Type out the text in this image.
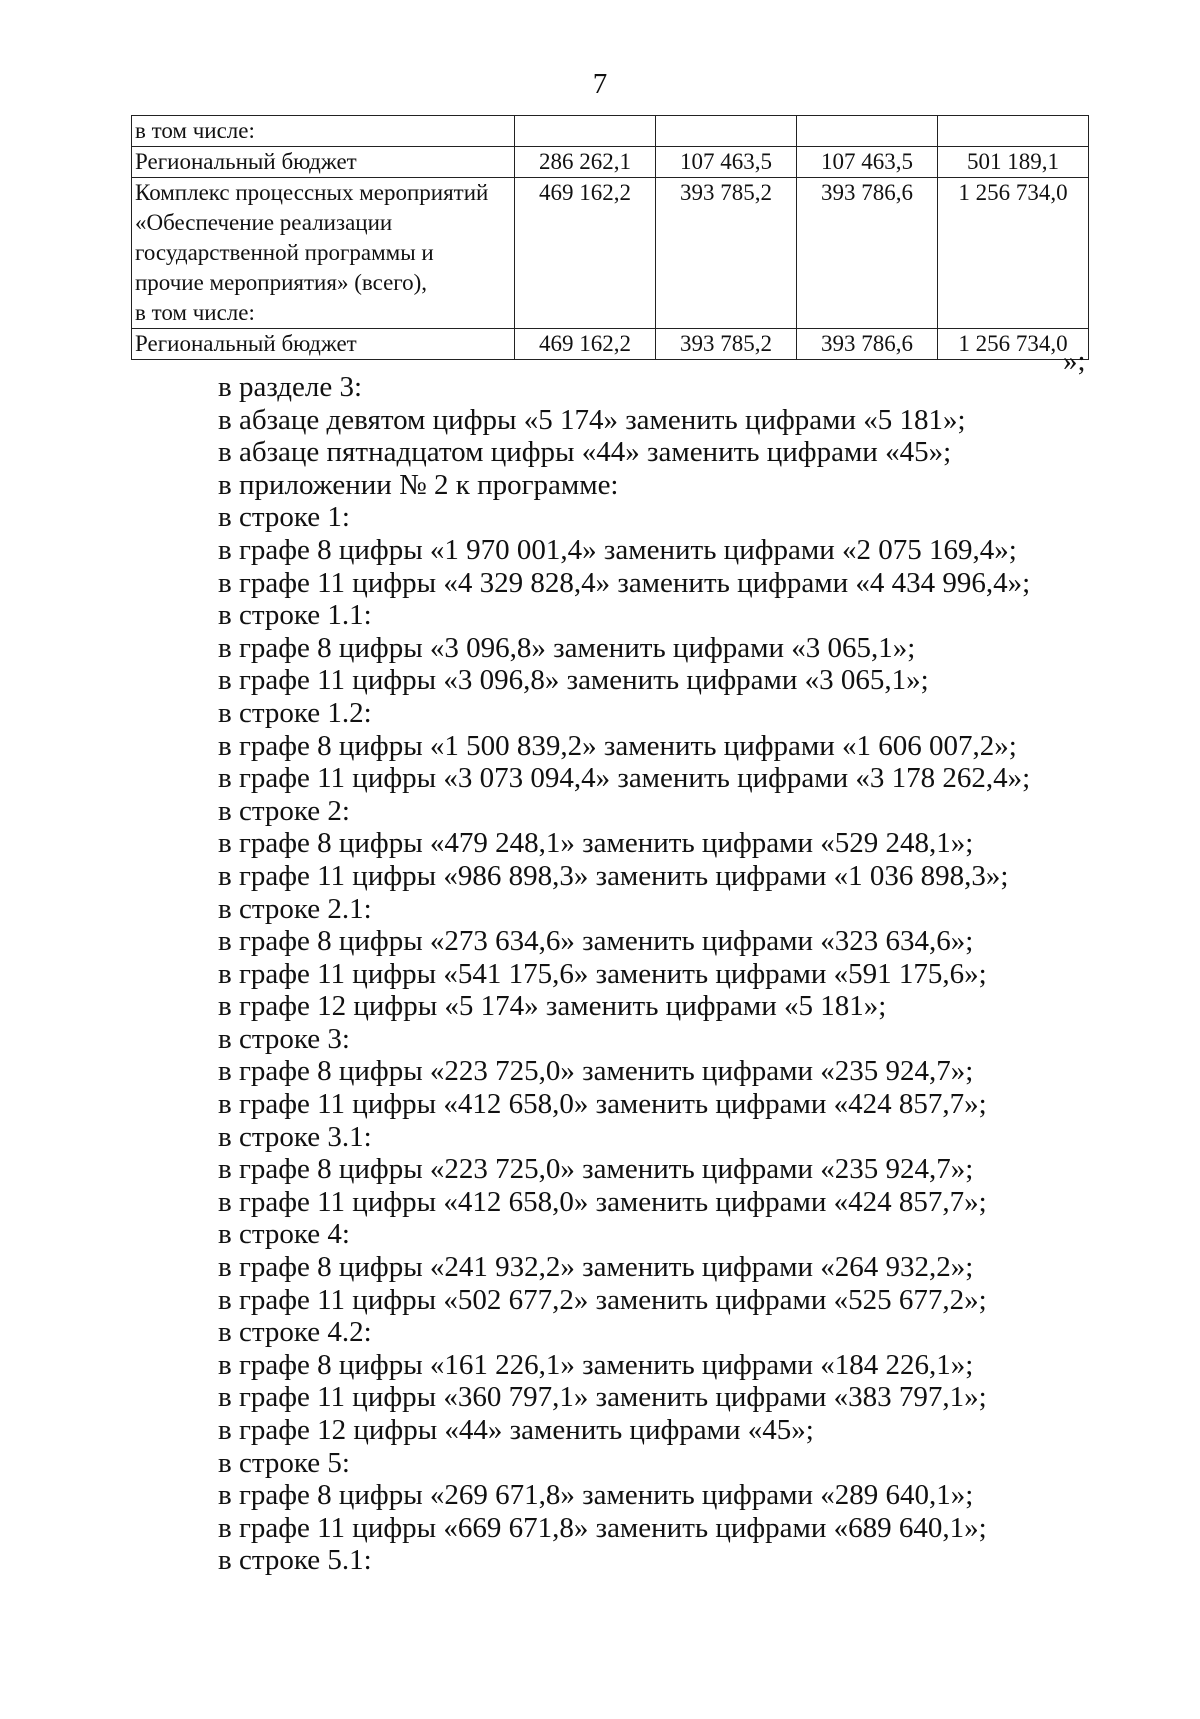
7
в том числе:				
Региональный бюджет	286 262,1	107 463,5	107 463,5	501 189,1
Комплекс процессных мероприятий
«Обеспечение реализации
государственной программы и
прочие мероприятия» (всего),
в том числе:	469 162,2	393 785,2	393 786,6	1 256 734,0
Региональный бюджет	469 162,2	393 785,2	393 786,6	1 256 734,0
»;
в разделе 3:
в абзаце девятом цифры «5 174» заменить цифрами «5 181»;
в абзаце пятнадцатом цифры «44» заменить цифрами «45»;
в приложении № 2 к программе:
в строке 1:
в графе 8 цифры «1 970 001,4» заменить цифрами «2 075 169,4»;
в графе 11 цифры «4 329 828,4» заменить цифрами «4 434 996,4»;
в строке 1.1:
в графе 8 цифры «3 096,8» заменить цифрами «3 065,1»;
в графе 11 цифры «3 096,8» заменить цифрами «3 065,1»;
в строке 1.2:
в графе 8 цифры «1 500 839,2» заменить цифрами «1 606 007,2»;
в графе 11 цифры «3 073 094,4» заменить цифрами «3 178 262,4»;
в строке 2:
в графе 8 цифры «479 248,1» заменить цифрами «529 248,1»;
в графе 11 цифры «986 898,3» заменить цифрами «1 036 898,3»;
в строке 2.1:
в графе 8 цифры «273 634,6» заменить цифрами «323 634,6»;
в графе 11 цифры «541 175,6» заменить цифрами «591 175,6»;
в графе 12 цифры «5 174» заменить цифрами «5 181»;
в строке 3:
в графе 8 цифры «223 725,0» заменить цифрами «235 924,7»;
в графе 11 цифры «412 658,0» заменить цифрами «424 857,7»;
в строке 3.1:
в графе 8 цифры «223 725,0» заменить цифрами «235 924,7»;
в графе 11 цифры «412 658,0» заменить цифрами «424 857,7»;
в строке 4:
в графе 8 цифры «241 932,2» заменить цифрами «264 932,2»;
в графе 11 цифры «502 677,2» заменить цифрами «525 677,2»;
в строке 4.2:
в графе 8 цифры «161 226,1» заменить цифрами «184 226,1»;
в графе 11 цифры «360 797,1» заменить цифрами «383 797,1»;
в графе 12 цифры «44» заменить цифрами «45»;
в строке 5:
в графе 8 цифры «269 671,8» заменить цифрами «289 640,1»;
в графе 11 цифры «669 671,8» заменить цифрами «689 640,1»;
в строке 5.1:
